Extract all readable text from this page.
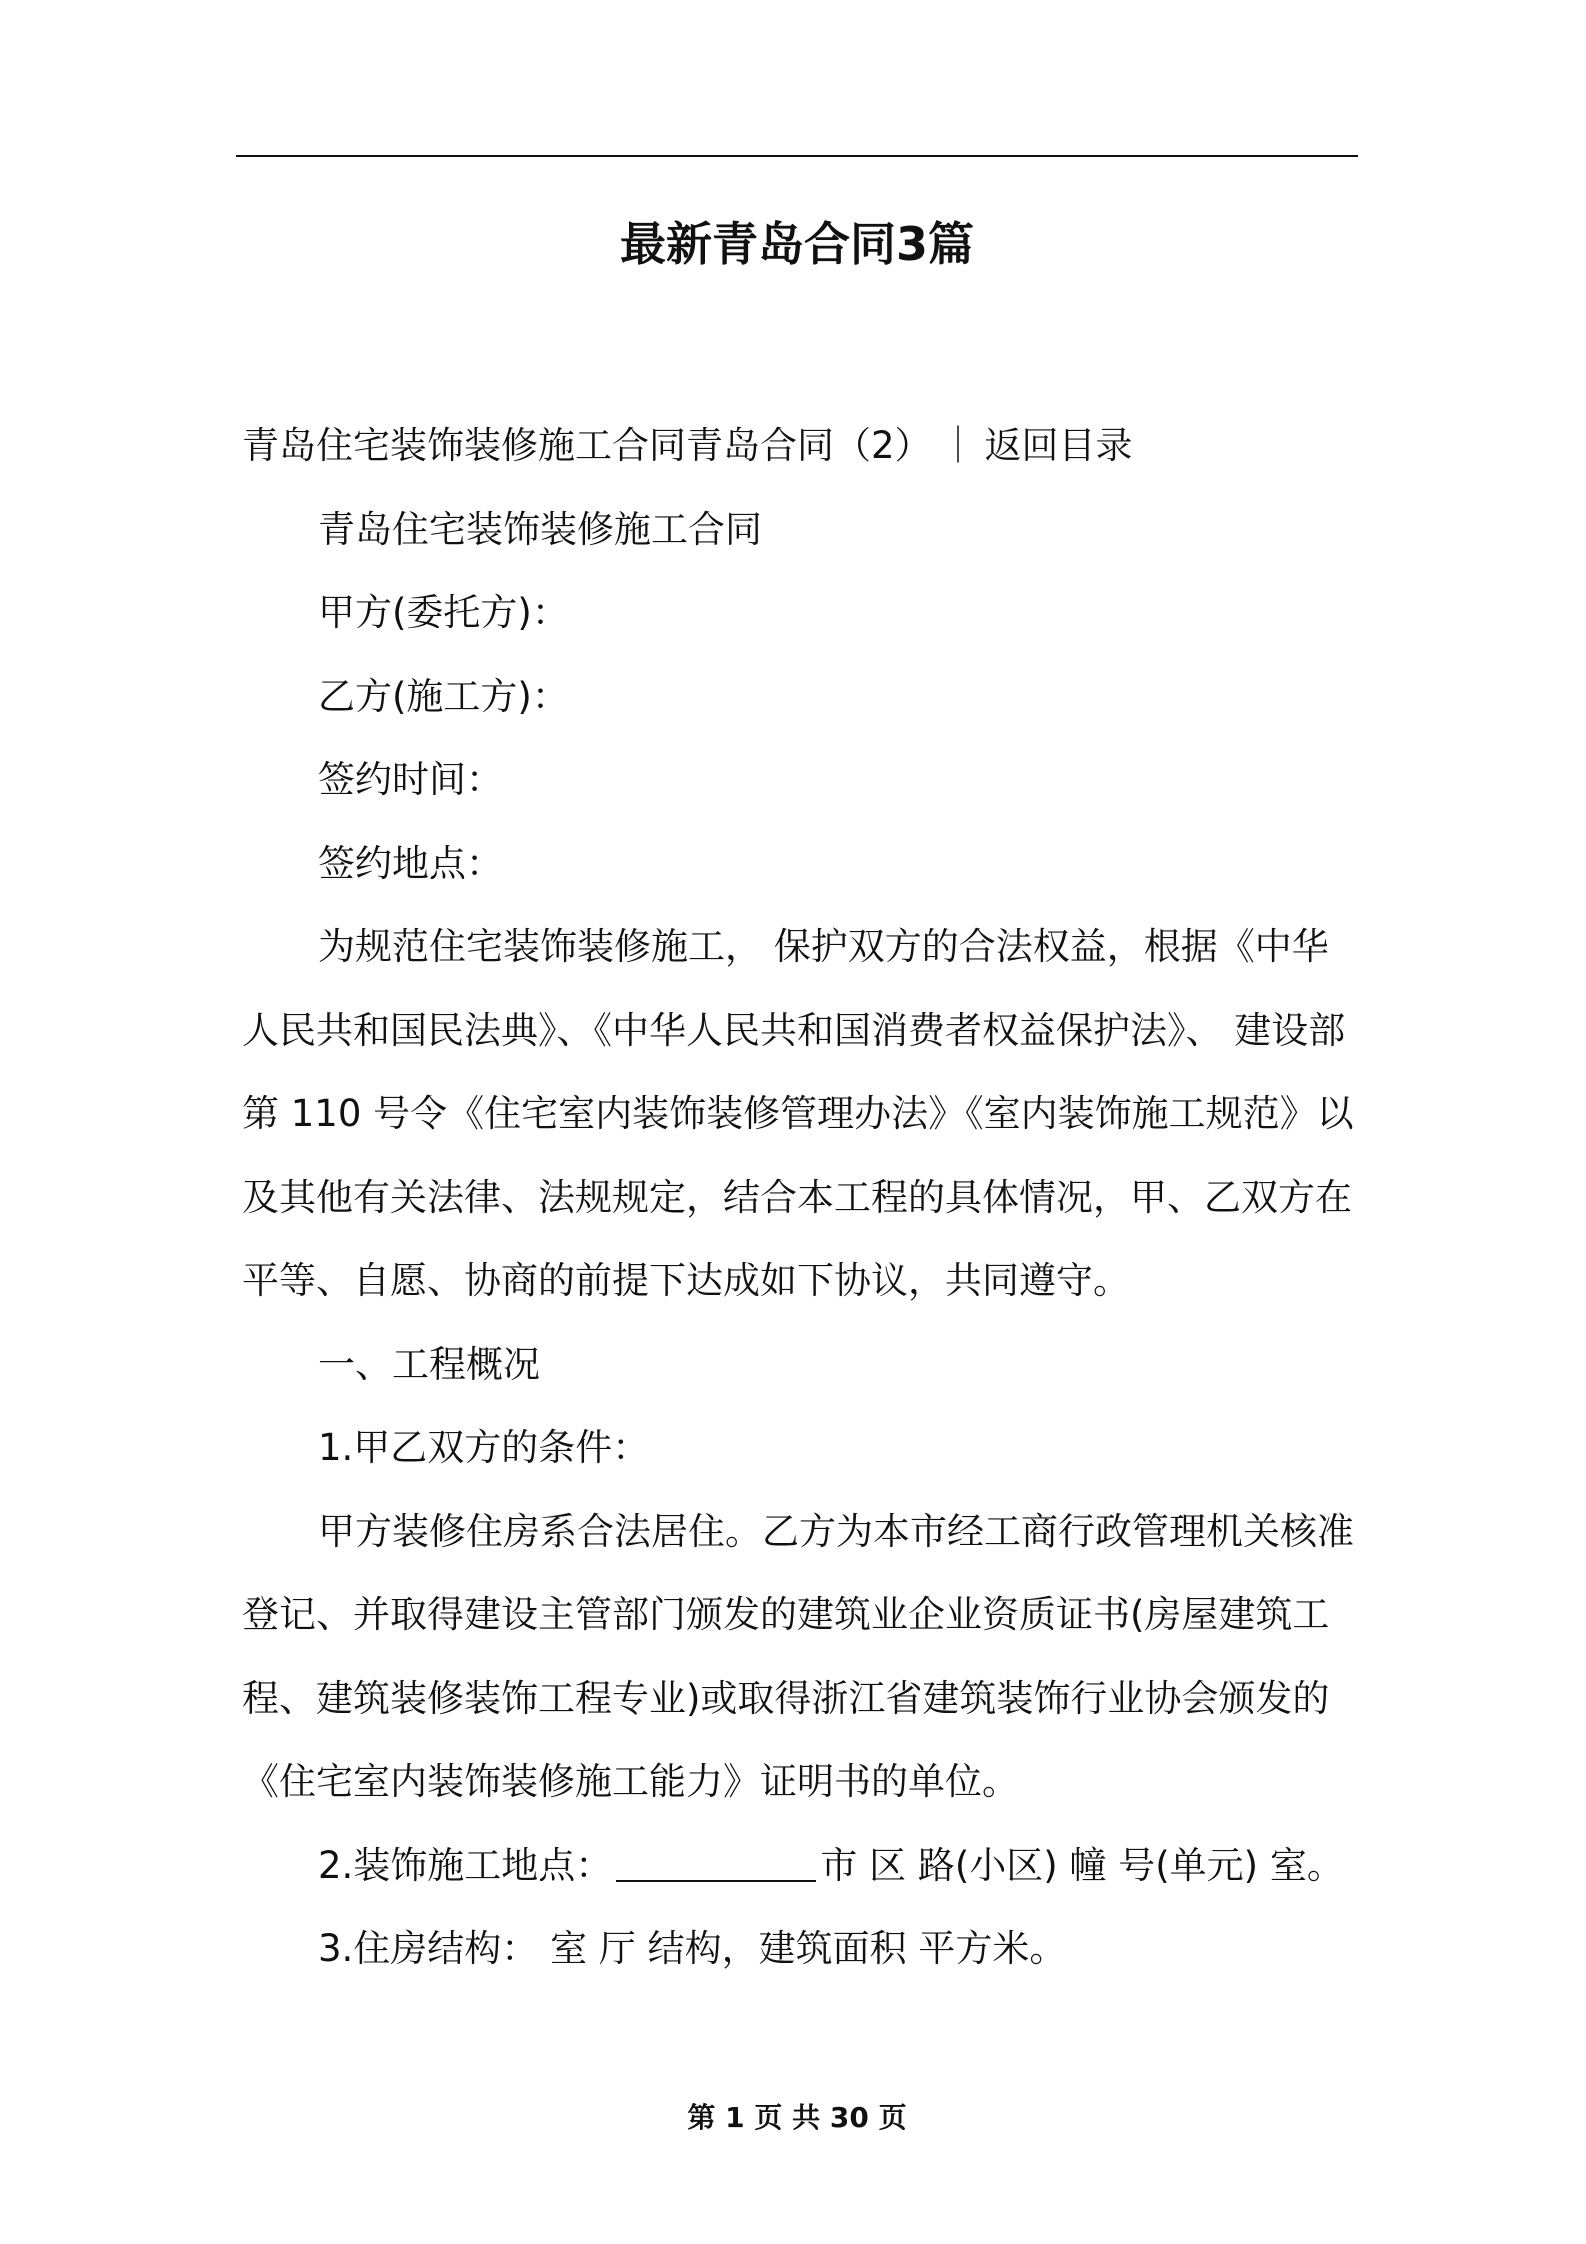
最新青岛合同3篇
青岛住宅装饰装修施工合同青岛合同（2） ｜ 返回目录
青岛住宅装饰装修施工合同
甲方(委托方)：
乙方(施工方)：
签约时间：
签约地点：
为规范住宅装饰装修施工， 保护双方的合法权益，根据《中华
人民共和国民法典》、《中华人民共和国消费者权益保护法》、 建设部
第 110 号令《住宅室内装饰装修管理办法》《室内装饰施工规范》以
及其他有关法律、法规规定，结合本工程的具体情况，甲、乙双方在
平等、自愿、协商的前提下达成如下协议，共同遵守。
一、工程概况
1.甲乙双方的条件：
甲方装修住房系合法居住。乙方为本市经工商行政管理机关核准
登记、并取得建设主管部门颁发的建筑业企业资质证书(房屋建筑工
程、建筑装修装饰工程专业)或取得浙江省建筑装饰行业协会颁发的
《住宅室内装饰装修施工能力》证明书的单位。
2.装饰施工地点：	市 区 路(小区) 幢 号(单元) 室。
3.住房结构： 室 厅 结构，建筑面积 平方米。
第 1 页 共 30 页
